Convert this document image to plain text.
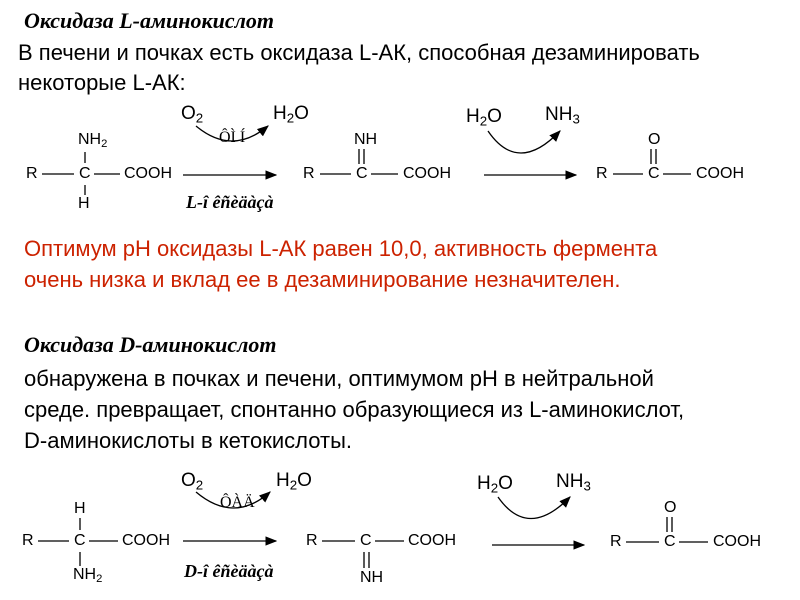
Оксидаза L-аминокислот
В печени и почках есть оксидаза L-АК, способная дезаминировать
некоторые L-АК:
R	C
$NH_2$
H
COOH
$O_2$	$H_2O$
ÔÌ Í
L-î êñèäàçà
R	C
NH
COOH
$H_2O$ $NH_3$
R	C
O
COOH
Оптимум рН оксидазы L-АК равен 10,0, активность фермента
очень низка и вклад ее в дезаминирование незначителен.
Оксидаза D-аминокислот
обнаружена в почках и печени, оптимумом рН в нейтральной
среде. превращает, спонтанно образующиеся из L-аминокислот,
D-аминокислоты в кетокислоты.
R	C
H
$NH_2$
COOH
$O_2$	$H_2O$
ÔÀÄ
D-î êñèäàçà
R	C
NH
COOH
$H_2O$ $NH_3$
R	C
O
COOH
